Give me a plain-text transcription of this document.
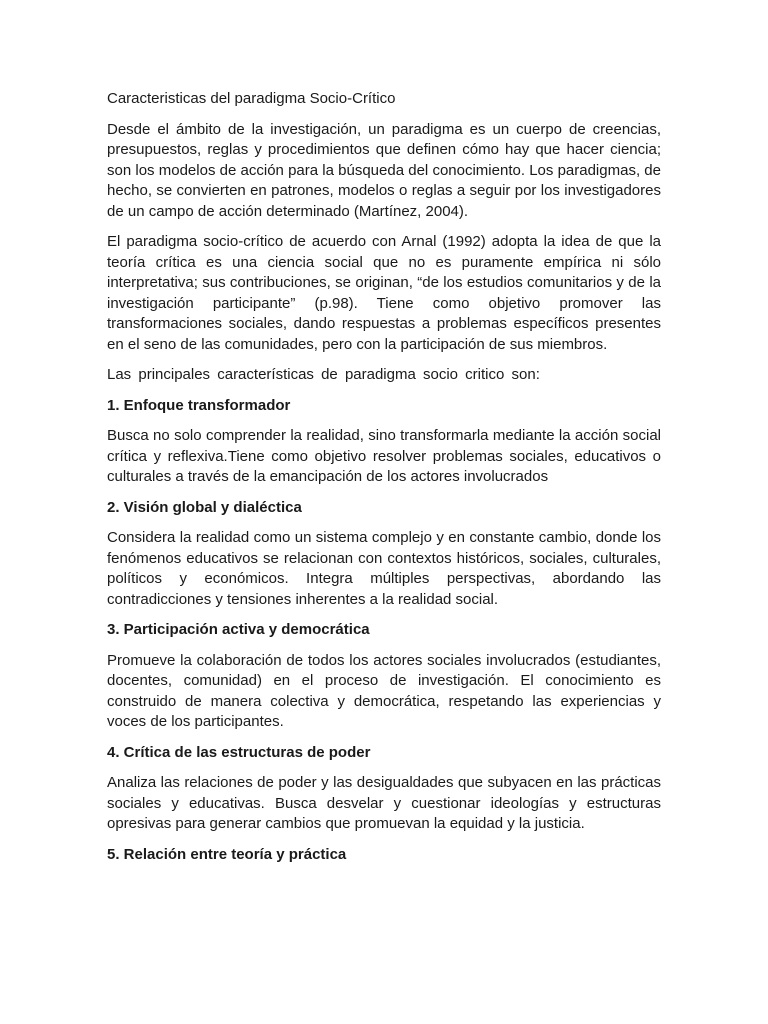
Caracteristicas del paradigma Socio-Crítico

Desde el ámbito de la investigación, un paradigma es un cuerpo de creencias, presupuestos, reglas y procedimientos que definen cómo hay que hacer ciencia; son los modelos de acción para la búsqueda del conocimiento. Los paradigmas, de hecho, se convierten en patrones, modelos o reglas a seguir por los investigadores de un campo de acción determinado (Martínez, 2004).

El paradigma socio-crítico de acuerdo con Arnal (1992) adopta la idea de que la teoría crítica es una ciencia social que no es puramente empírica ni sólo interpretativa; sus contribuciones, se originan, “de los estudios comunitarios y de la investigación participante” (p.98). Tiene como objetivo promover las transformaciones sociales, dando respuestas a problemas específicos presentes en el seno de las comunidades, pero con la participación de sus miembros.

Las principales características de paradigma socio critico son:

1. Enfoque transformador

Busca no solo comprender la realidad, sino transformarla mediante la acción social crítica y reflexiva.Tiene como objetivo resolver problemas sociales, educativos o culturales a través de la emancipación de los actores involucrados

2. Visión global y dialéctica

Considera la realidad como un sistema complejo y en constante cambio, donde los fenómenos educativos se relacionan con contextos históricos, sociales, culturales, políticos y económicos. Integra múltiples perspectivas, abordando las contradicciones y tensiones inherentes a la realidad social.

3. Participación activa y democrática

Promueve la colaboración de todos los actores sociales involucrados (estudiantes, docentes, comunidad) en el proceso de investigación. El conocimiento es construido de manera colectiva y democrática, respetando las experiencias y voces de los participantes.

4. Crítica de las estructuras de poder

Analiza las relaciones de poder y las desigualdades que subyacen en las prácticas sociales y educativas. Busca desvelar y cuestionar ideologías y estructuras opresivas para generar cambios que promuevan la equidad y la justicia.

5. Relación entre teoría y práctica
